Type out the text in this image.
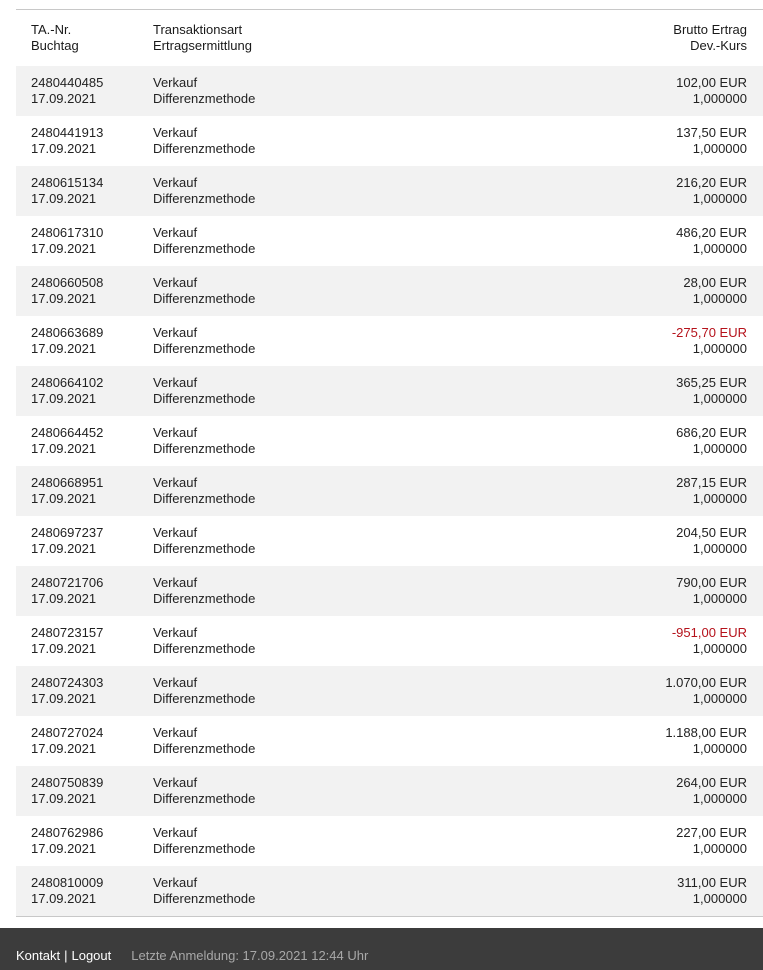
TA.-Nr.
Buchtag
Transaktionsart
Ertragsermittlung
Brutto Ertrag
Dev.-Kurs
2480440485
17.09.2021
Verkauf
Differenzmethode
102,00 EUR
1,000000
2480441913
17.09.2021
Verkauf
Differenzmethode
137,50 EUR
1,000000
2480615134
17.09.2021
Verkauf
Differenzmethode
216,20 EUR
1,000000
2480617310
17.09.2021
Verkauf
Differenzmethode
486,20 EUR
1,000000
2480660508
17.09.2021
Verkauf
Differenzmethode
28,00 EUR
1,000000
2480663689
17.09.2021
Verkauf
Differenzmethode
-275,70 EUR
1,000000
2480664102
17.09.2021
Verkauf
Differenzmethode
365,25 EUR
1,000000
2480664452
17.09.2021
Verkauf
Differenzmethode
686,20 EUR
1,000000
2480668951
17.09.2021
Verkauf
Differenzmethode
287,15 EUR
1,000000
2480697237
17.09.2021
Verkauf
Differenzmethode
204,50 EUR
1,000000
2480721706
17.09.2021
Verkauf
Differenzmethode
790,00 EUR
1,000000
2480723157
17.09.2021
Verkauf
Differenzmethode
-951,00 EUR
1,000000
2480724303
17.09.2021
Verkauf
Differenzmethode
1.070,00 EUR
1,000000
2480727024
17.09.2021
Verkauf
Differenzmethode
1.188,00 EUR
1,000000
2480750839
17.09.2021
Verkauf
Differenzmethode
264,00 EUR
1,000000
2480762986
17.09.2021
Verkauf
Differenzmethode
227,00 EUR
1,000000
2480810009
17.09.2021
Verkauf
Differenzmethode
311,00 EUR
1,000000
Kontakt | Logout Letzte Anmeldung: 17.09.2021 12:44 Uhr
